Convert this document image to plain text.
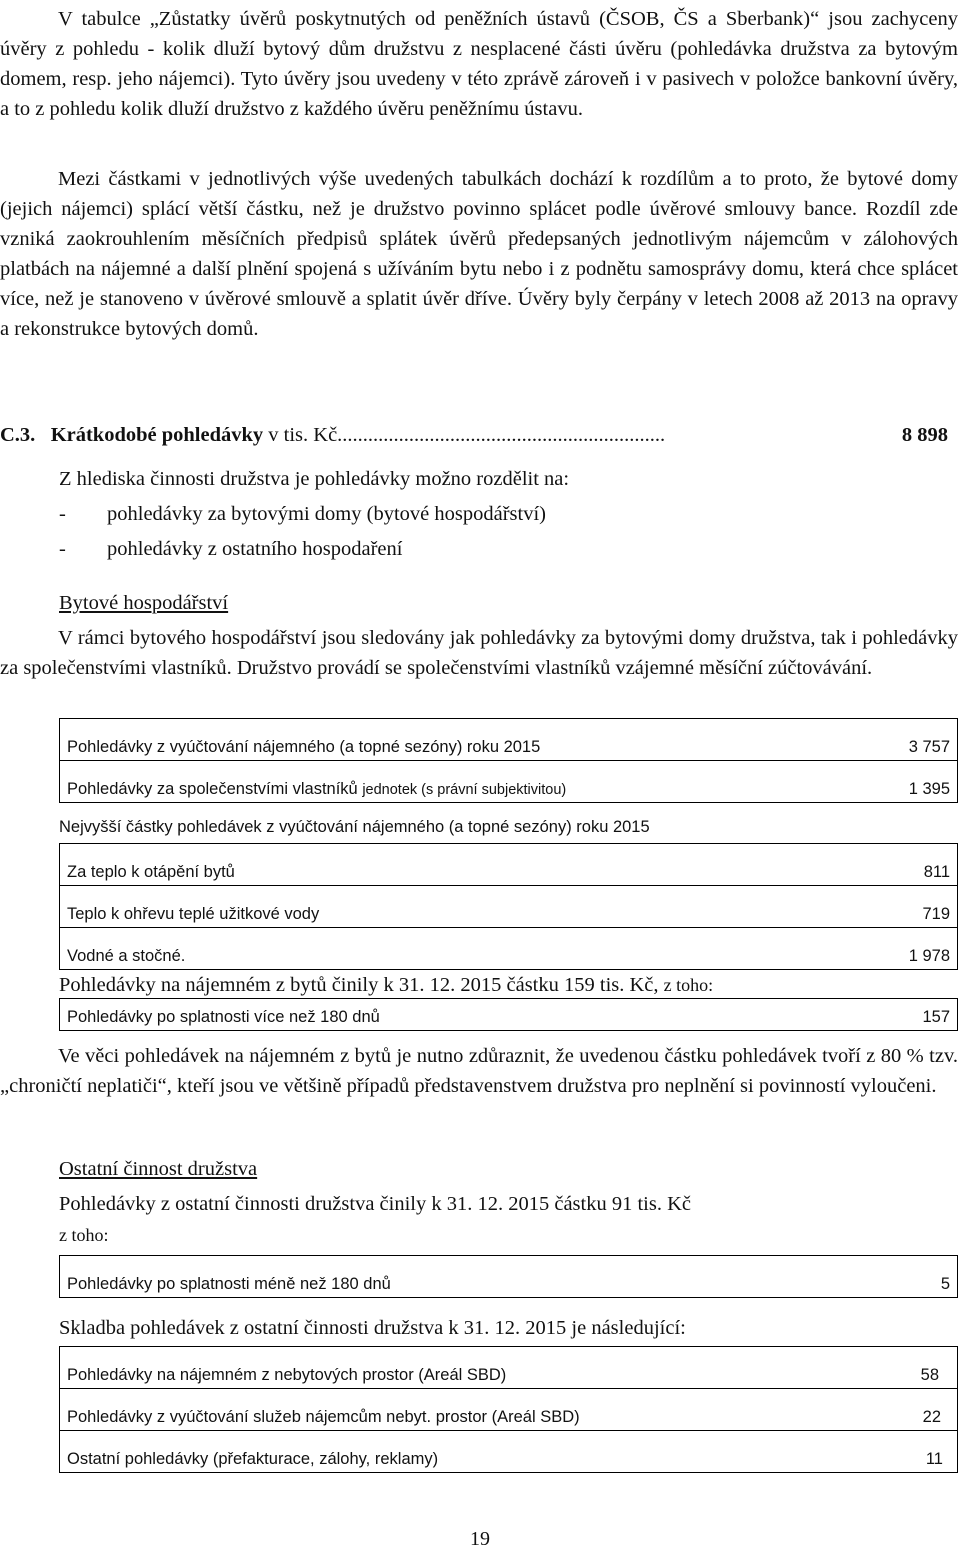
V tabulce „Zůstatky úvěrů poskytnutých od peněžních ústavů (ČSOB, ČS a Sberbank)“ jsou zachyceny úvěry z pohledu - kolik dluží bytový dům družstvu z nesplacené části úvěru (pohledávka družstva za bytovým domem, resp. jeho nájemci). Tyto úvěry jsou uvedeny v této zprávě zároveň i v pasivech v položce bankovní úvěry, a to z pohledu kolik dluží družstvo z každého úvěru peněžnímu ústavu.

Mezi částkami v jednotlivých výše uvedených tabulkách dochází k rozdílům a to proto, že bytové domy (jejich nájemci) splácí větší částku, než je družstvo povinno splácet podle úvěrové smlouvy bance. Rozdíl zde vzniká zaokrouhlením měsíčních předpisů splátek úvěrů předepsaných jednotlivým nájemcům v zálohových platbách na nájemné a další plnění spojená s užíváním bytu nebo i z podnětu samosprávy domu, která chce splácet více, než je stanoveno v úvěrové smlouvě a splatit úvěr dříve. Úvěry byly čerpány v letech 2008 až 2013 na opravy a rekonstrukce bytových domů.

C.3. Krátkodobé pohledávky v tis. Kč................................................................	8 898
Z hlediska činnosti družstva je pohledávky možno rozdělit na:
- pohledávky za bytovými domy (bytové hospodářství)
- pohledávky z ostatního hospodaření
Bytové hospodářství

V rámci bytového hospodářství jsou sledovány jak pohledávky za bytovými domy družstva, tak i pohledávky za společenstvími vlastníků. Družstvo provádí se společenstvími vlastníků vzájemné měsíční zúčtovávání.

Pohledávky z vyúčtování nájemného (a topné sezóny) roku 2015	3 757
Pohledávky za společenstvími vlastníků jednotek (s právní subjektivitou)	1 395
Nejvyšší částky pohledávek z vyúčtování nájemného (a topné sezóny) roku 2015
Za teplo k otápění bytů	811
Teplo k ohřevu teplé užitkové vody	719
Vodné a stočné.	1 978
Pohledávky na nájemném z bytů činily k 31. 12. 2015 částku 159 tis. Kč, z toho:
Pohledávky po splatnosti více než 180 dnů	157

Ve věci pohledávek na nájemném z bytů je nutno zdůraznit, že uvedenou částku pohledávek tvoří z 80 % tzv. „chroničtí neplatiči“, kteří jsou ve většině případů představenstvem družstva pro neplnění si povinností vyloučeni.

Ostatní činnost družstva
Pohledávky z ostatní činnosti družstva činily k 31. 12. 2015 částku 91 tis. Kč
z toho:
Pohledávky po splatnosti méně než 180 dnů	5
Skladba pohledávek z ostatní činnosti družstva k 31. 12. 2015 je následující:
Pohledávky na nájemném z nebytových prostor (Areál SBD)	58
Pohledávky z vyúčtování služeb nájemcům nebyt. prostor (Areál SBD)	22
Ostatní pohledávky (přefakturace, zálohy, reklamy)	11
19
